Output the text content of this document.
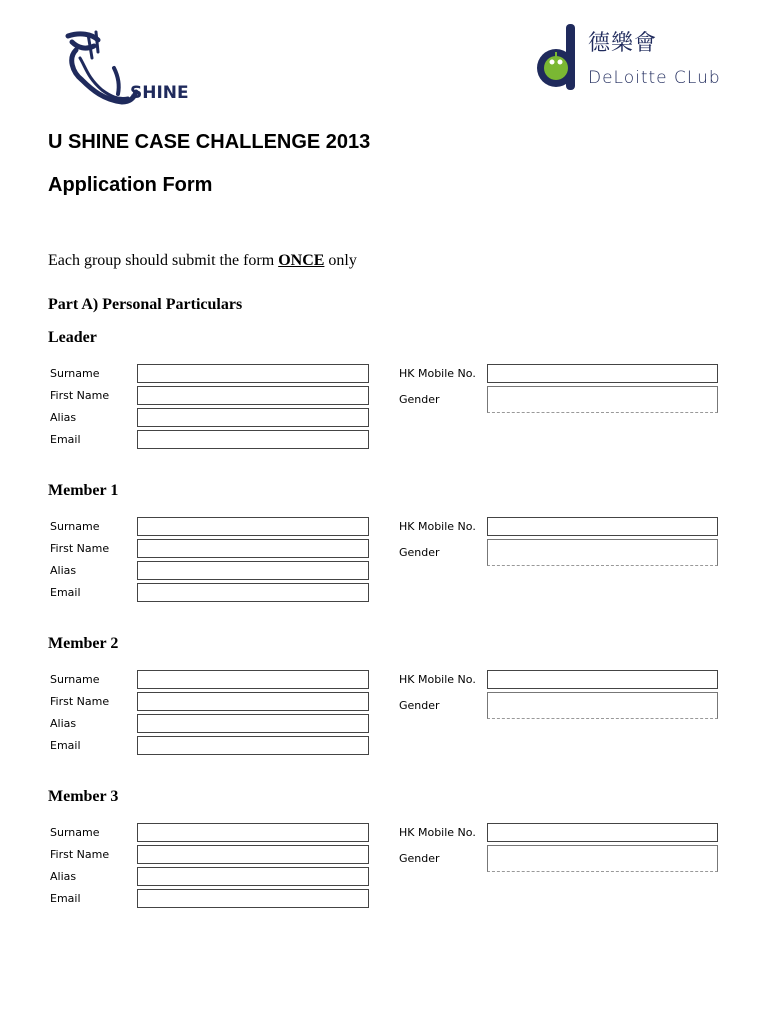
SHINE
德樂會
DeLoitte CLub
U SHINE CASE CHALLENGE 2013
Application Form
Each group should submit the form ONCE only
Part A) Personal Particulars
Leader
Surname	HK Mobile No.
First Name	Gender
Alias
Email
Member 1
Surname	HK Mobile No.
First Name	Gender
Alias
Email
Member 2
Surname	HK Mobile No.
First Name	Gender
Alias
Email
Member 3
Surname	HK Mobile No.
First Name	Gender
Alias
Email
